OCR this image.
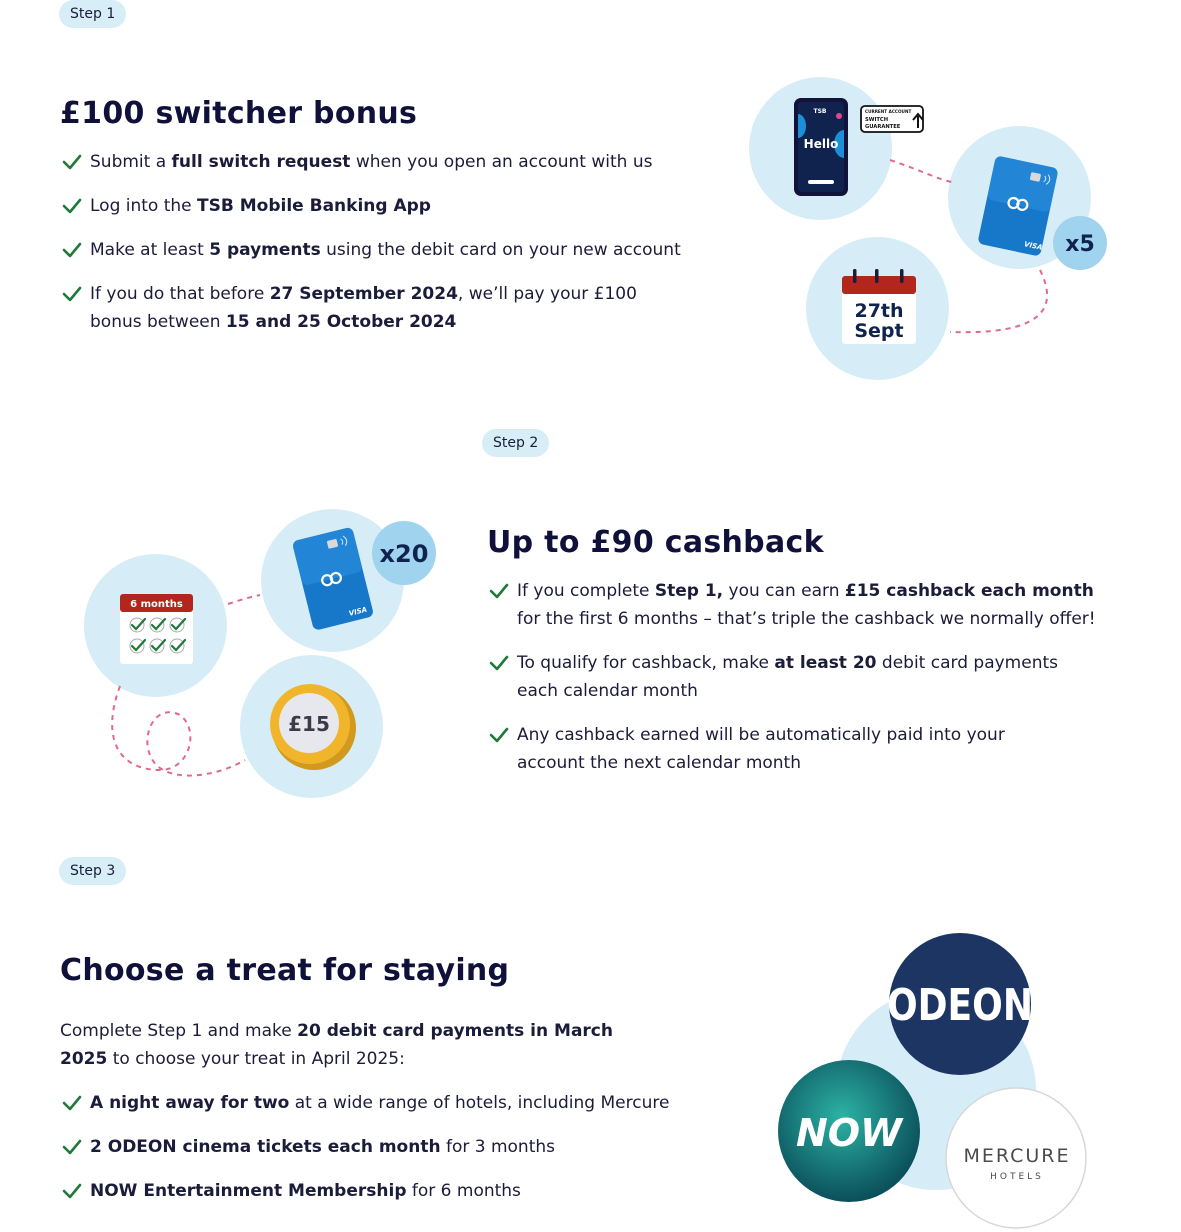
Step 1
£100 switcher bonus
Submit a full switch request when you open an account with us
Log into the TSB Mobile Banking App
Make at least 5 payments using the debit card on your new account
If you do that before 27 September 2024, we’ll pay your £100 bonus between 15 and 25 October 2024
TSB
Hello
CURRENT ACCOUNT
SWITCH
GUARANTEE
VISA x5
27th
Sept
Step 2
6 months
VISA
x20
£15
Up to £90 cashback
If you complete Step 1, you can earn £15 cashback each month for the first 6 months – that’s triple the cashback we normally offer!
To qualify for cashback, make at least 20 debit card payments each calendar month
Any cashback earned will be automatically paid into your account the next calendar month
Step 3
Choose a treat for staying

Complete Step 1 and make 20 debit card payments in March 2025 to choose your treat in April 2025:

A night away for two at a wide range of hotels, including Mercure
2 ODEON cinema tickets each month for 3 months
NOW Entertainment Membership for 6 months
ODEON
NOW
MERCURE
HOTELS
